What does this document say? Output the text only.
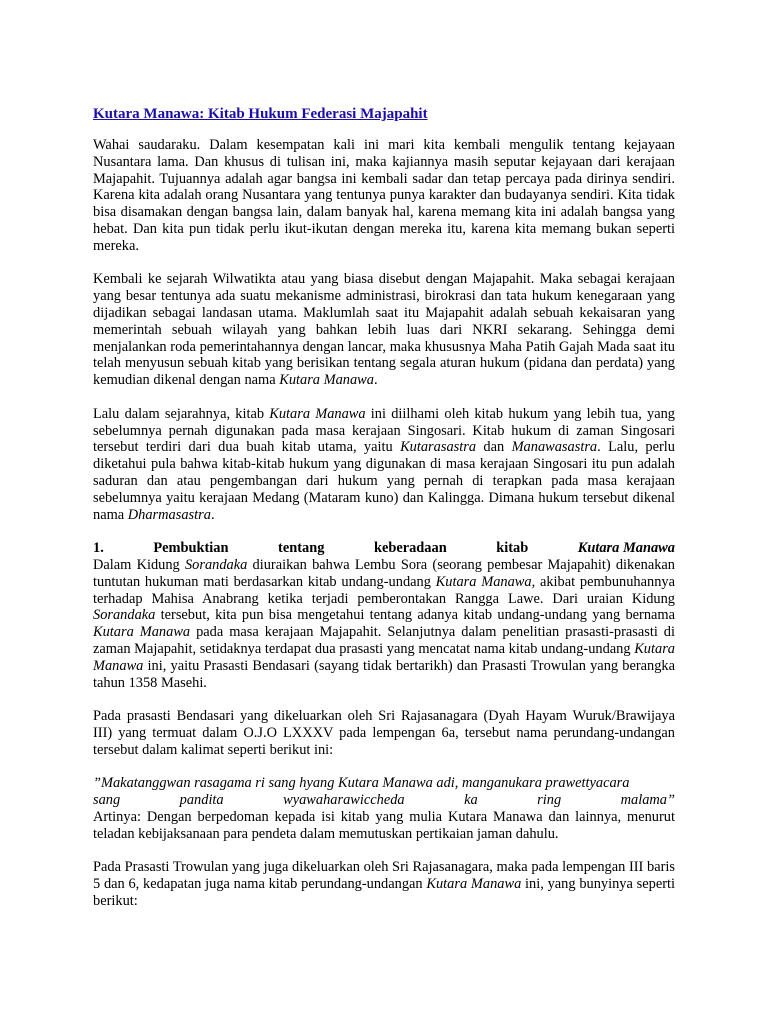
Kutara Manawa: Kitab Hukum Federasi Majapahit

Wahai saudaraku. Dalam kesempatan kali ini mari kita kembali mengulik tentang kejayaan Nusantara lama. Dan khusus di tulisan ini, maka kajiannya masih seputar kejayaan dari kerajaan Majapahit. Tujuannya adalah agar bangsa ini kembali sadar dan tetap percaya pada dirinya sendiri. Karena kita adalah orang Nusantara yang tentunya punya karakter dan budayanya sendiri. Kita tidak bisa disamakan dengan bangsa lain, dalam banyak hal, karena memang kita ini adalah bangsa yang hebat. Dan kita pun tidak perlu ikut-ikutan dengan mereka itu, karena kita memang bukan seperti mereka.

Kembali ke sejarah Wilwatikta atau yang biasa disebut dengan Majapahit. Maka sebagai kerajaan yang besar tentunya ada suatu mekanisme administrasi, birokrasi dan tata hukum kenegaraan yang dijadikan sebagai landasan utama. Maklumlah saat itu Majapahit adalah sebuah kekaisaran yang memerintah sebuah wilayah yang bahkan lebih luas dari NKRI sekarang. Sehingga demi menjalankan roda pemerintahannya dengan lancar, maka khususnya Maha Patih Gajah Mada saat itu telah menyusun sebuah kitab yang berisikan tentang segala aturan hukum (pidana dan perdata) yang kemudian dikenal dengan nama Kutara Manawa.

Lalu dalam sejarahnya, kitab Kutara Manawa ini diilhami oleh kitab hukum yang lebih tua, yang sebelumnya pernah digunakan pada masa kerajaan Singosari. Kitab hukum di zaman Singosari tersebut terdiri dari dua buah kitab utama, yaitu Kutarasastra dan Manawasastra. Lalu, perlu diketahui pula bahwa kitab-kitab hukum yang digunakan di masa kerajaan Singosari itu pun adalah saduran dan atau pengembangan dari hukum yang pernah di terapkan pada masa kerajaan sebelumnya yaitu kerajaan Medang (Mataram kuno) dan Kalingga. Dimana hukum tersebut dikenal nama Dharmasastra.

1.	Pembuktian	tentang	keberadaan	kitab	Kutara Manawa

Dalam Kidung Sorandaka diuraikan bahwa Lembu Sora (seorang pembesar Majapahit) dikenakan tuntutan hukuman mati berdasarkan kitab undang-undang Kutara Manawa, akibat pembunuhannya terhadap Mahisa Anabrang ketika terjadi pemberontakan Rangga Lawe. Dari uraian Kidung Sorandaka tersebut, kita pun bisa mengetahui tentang adanya kitab undang-undang yang bernama Kutara Manawa pada masa kerajaan Majapahit. Selanjutnya dalam penelitian prasasti-prasasti di zaman Majapahit, setidaknya terdapat dua prasasti yang mencatat nama kitab undang-undang Kutara Manawa ini, yaitu Prasasti Bendasari (sayang tidak bertarikh) dan Prasasti Trowulan yang berangka tahun 1358 Masehi.

Pada prasasti Bendasari yang dikeluarkan oleh Sri Rajasanagara (Dyah Hayam Wuruk/Brawijaya III) yang termuat dalam O.J.O LXXXV pada lempengan 6a, tersebut nama perundang-undangan tersebut dalam kalimat seperti berikut ini:

”Makatanggwan rasagama ri sang hyang Kutara Manawa adi, manganukara prawettyacara
sang	pandita	wyawaharawiccheda	ka	ring	malama”
Artinya: Dengan berpedoman kepada isi kitab yang mulia Kutara Manawa dan lainnya, menurut teladan kebijaksanaan para pendeta dalam memutuskan pertikaian jaman dahulu.

Pada Prasasti Trowulan yang juga dikeluarkan oleh Sri Rajasanagara, maka pada lempengan III baris 5 dan 6, kedapatan juga nama kitab perundang-undangan Kutara Manawa ini, yang bunyinya seperti berikut:
